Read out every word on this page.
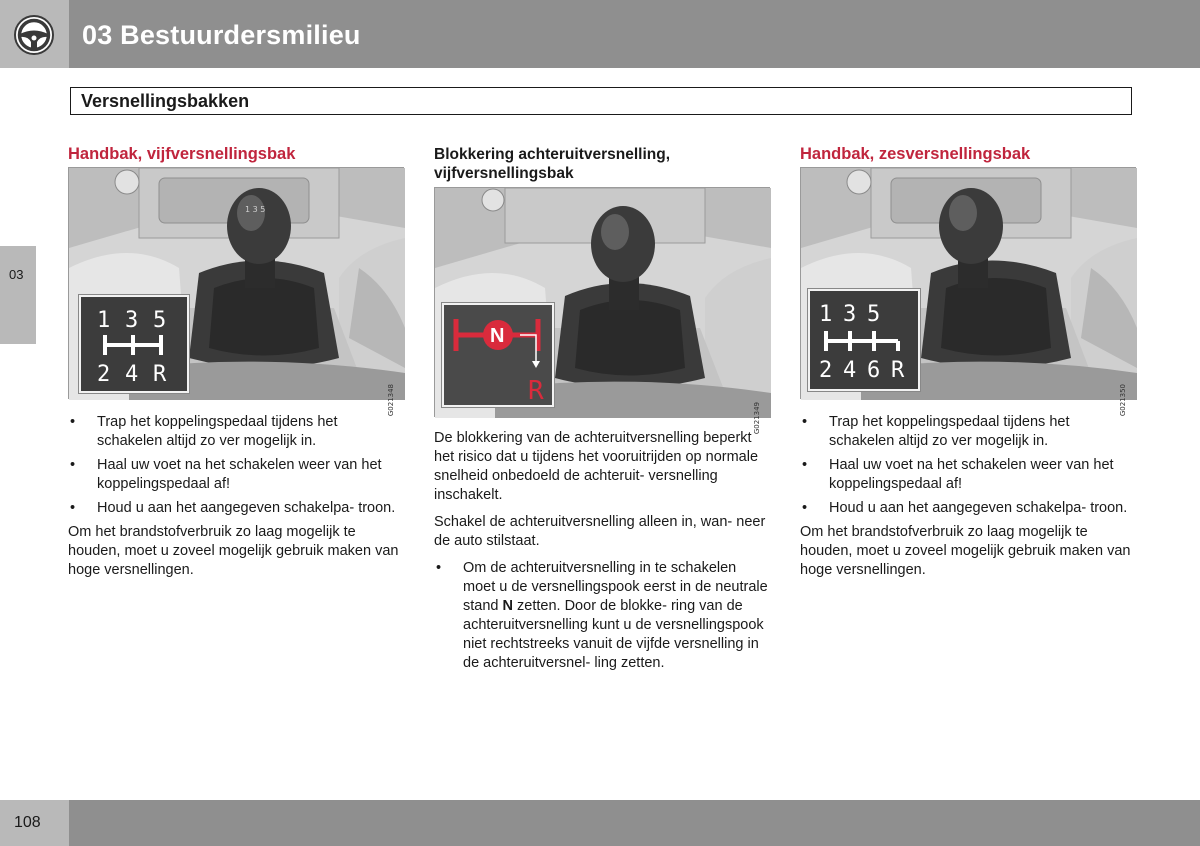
03 Bestuurdersmilieu
Versnellingsbakken
03
Handbak, vijfversnellingsbak
1 3 5
1 3 5
2 4 R
G021348
• Trap het koppelingspedaal tijdens het schakelen altijd zo ver mogelijk in.
• Haal uw voet na het schakelen weer van het koppelingspedaal af!
• Houd u aan het aangegeven schakelpa- troon.

Om het brandstofverbruik zo laag mogelijk te houden, moet u zoveel mogelijk gebruik maken van hoge versnellingen.

Blokkering achteruitversnelling, vijfversnellingsbak
N
R
G021349

De blokkering van de achteruitversnelling beperkt het risico dat u tijdens het vooruitrijden op normale snelheid onbedoeld de achteruit- versnelling inschakelt.

Schakel de achteruitversnelling alleen in, wan- neer de auto stilstaat.

• Om de achteruitversnelling in te schakelen moet u de versnellingspook eerst in de neutrale stand N zetten. Door de blokke- ring van de achteruitversnelling kunt u de versnellingspook niet rechtstreeks vanuit de vijfde versnelling in de achteruitversnel- ling zetten.
Handbak, zesversnellingsbak
1 3 5
2 4 6 R
G021350
• Trap het koppelingspedaal tijdens het schakelen altijd zo ver mogelijk in.
• Haal uw voet na het schakelen weer van het koppelingspedaal af!
• Houd u aan het aangegeven schakelpa- troon.

Om het brandstofverbruik zo laag mogelijk te houden, moet u zoveel mogelijk gebruik maken van hoge versnellingen.

108
